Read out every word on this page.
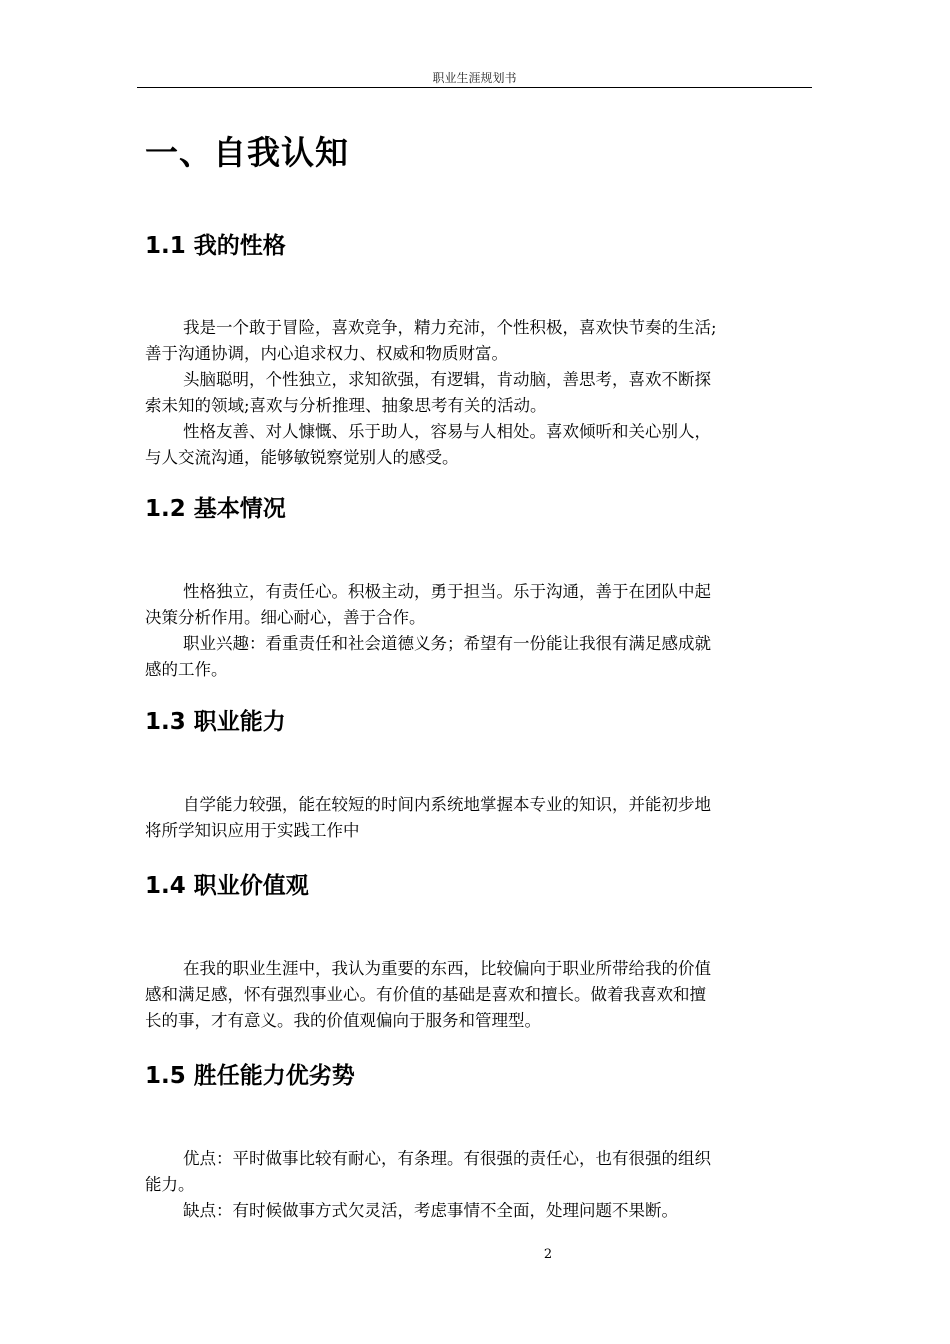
职业生涯规划书
一、自我认知
1.1 我的性格
我是一个敢于冒险，喜欢竞争，精力充沛，个性积极，喜欢快节奏的生活;
善于沟通协调，内心追求权力、权威和物质财富。
头脑聪明，个性独立，求知欲强，有逻辑，肯动脑，善思考，喜欢不断探
索未知的领域;喜欢与分析推理、抽象思考有关的活动。
性格友善、对人慷慨、乐于助人，容易与人相处。喜欢倾听和关心别人，
与人交流沟通，能够敏锐察觉别人的感受。
1.2 基本情况
性格独立，有责任心。积极主动，勇于担当。乐于沟通，善于在团队中起
决策分析作用。细心耐心，善于合作。
职业兴趣：看重责任和社会道德义务；希望有一份能让我很有满足感成就
感的工作。
1.3 职业能力
自学能力较强，能在较短的时间内系统地掌握本专业的知识，并能初步地
将所学知识应用于实践工作中
1.4 职业价值观
在我的职业生涯中，我认为重要的东西，比较偏向于职业所带给我的价值
感和满足感，怀有强烈事业心。有价值的基础是喜欢和擅长。做着我喜欢和擅
长的事，才有意义。我的价值观偏向于服务和管理型。
1.5 胜任能力优劣势
优点：平时做事比较有耐心，有条理。有很强的责任心，也有很强的组织
能力。
缺点：有时候做事方式欠灵活，考虑事情不全面，处理问题不果断。
2
